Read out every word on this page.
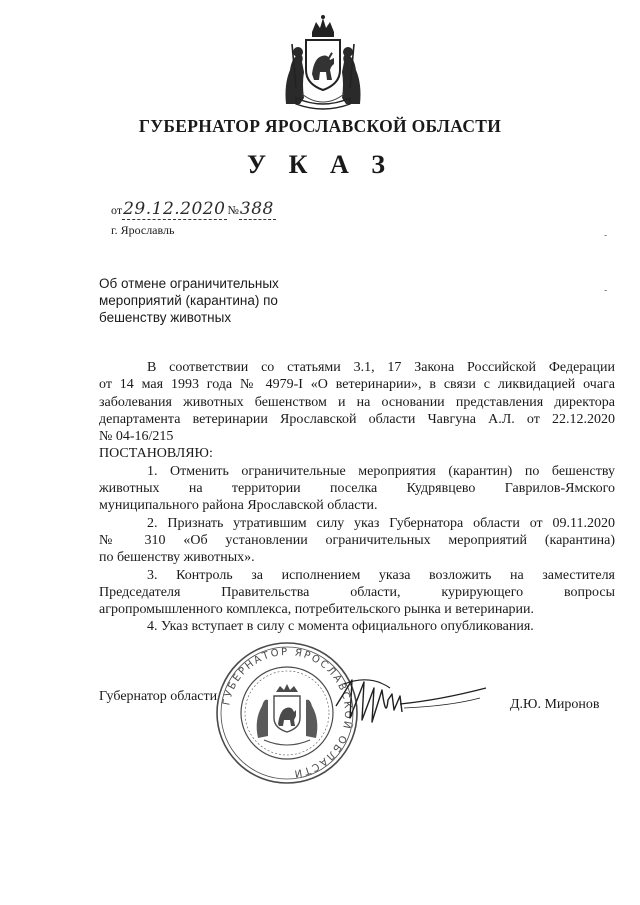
ГУБЕРНАТОР ЯРОСЛАВСКОЙ ОБЛАСТИ
У К А З
от29.12.2020 №388
г. Ярославль	-
-
Об отмене ограничительных
мероприятий (карантина) по
бешенству животных

В соответствии со статьями 3.1, 17 Закона Российской Федерации

от 14 мая 1993 года № 4979-I «О ветеринарии», в связи с ликвидацией очага

заболевания животных бешенством и на основании представления директора

департамента ветеринарии Ярославской области Чавгуна А.Л. от 22.12.2020

№ 04-16/215

ПОСТАНОВЛЯЮ:

1. Отменить ограничительные мероприятия (карантин) по бешенству

животных на территории поселка Кудрявцево Гаврилов-Ямского

муниципального района Ярославской области.

2. Признать утратившим силу указ Губернатора области от 09.11.2020

№ 310 «Об установлении ограничительных мероприятий (карантина)

по бешенству животных».

3. Контроль за исполнением указа возложить на заместителя

Председателя Правительства области, курирующего вопросы

агропромышленного комплекса, потребительского рынка и ветеринарии.

4. Указ вступает в силу с момента официального опубликования.

ГУБЕРНАТОР ЯРОСЛАВСКОЙ ОБЛАСТИ
Губернатор области
Д.Ю. Миронов
